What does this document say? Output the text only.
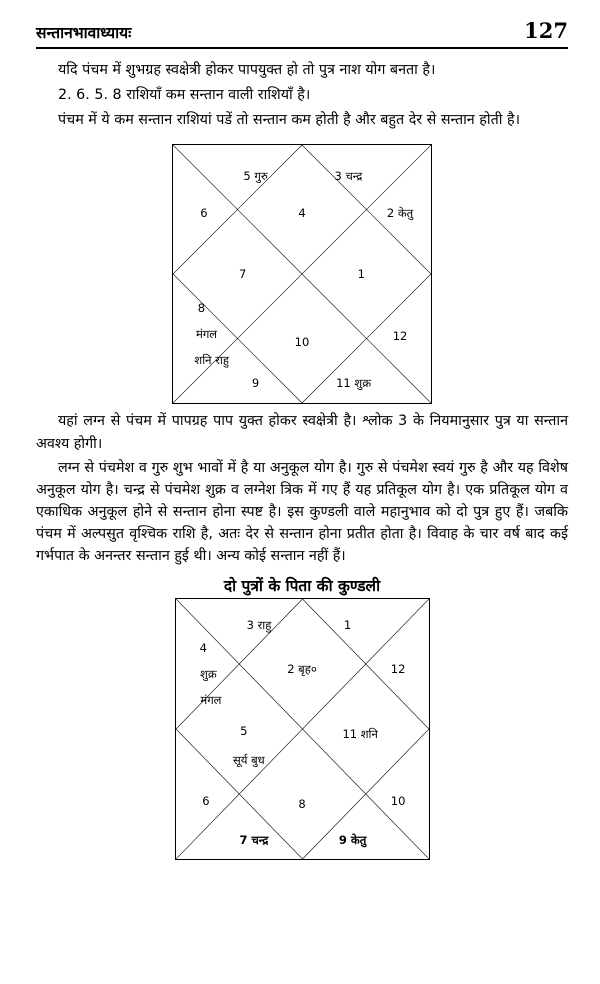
सन्तानभावाध्यायः	127

यदि पंचम में शुभग्रह स्वक्षेत्री होकर पापयुक्त हो तो पुत्र नाश योग बनता है।

2. 6. 5. 8 राशियाँ कम सन्तान वाली राशियाँ है।

पंचम में ये कम सन्तान राशियां पडें तो सन्तान कम होती है और बहुत देर से सन्तान होती है।

5 गुरु	3 चन्द्र
6	4	2 केतु
7	1
8
मंगल
शनि राहु
10	12
9	11 शुक्र

यहां लग्न से पंचम में पापग्रह पाप युक्त होकर स्वक्षेत्री है। श्लोक 3 के नियमानुसार पुत्र या सन्तान अवश्य होगी।

लग्न से पंचमेश व गुरु शुभ भावों में है या अनुकूल योग है। गुरु से पंचमेश स्वयं गुरु है और यह विशेष अनुकूल योग है। चन्द्र से पंचमेश शुक्र व लग्नेश त्रिक में गए हैं यह प्रतिकूल योग है। एक प्रतिकूल योग व एकाधिक अनुकूल होने से सन्तान होना स्पष्ट है। इस कुण्डली वाले महानुभाव को दो पुत्र हुए हैं। जबकि पंचम में अल्पसुत वृश्चिक राशि है, अतः देर से सन्तान होना प्रतीत होता है। विवाह के चार वर्ष बाद कई गर्भपात के अनन्तर सन्तान हुई थी। अन्य कोई सन्तान नहीं हैं।

दो पुत्रों के पिता की कुण्डली
3 राहु	1
4
शुक्र	2 बृह०	12
मंगल
5
सूर्य बुध
11 शनि
6	8	10
7 चन्द्र	9 केतु
